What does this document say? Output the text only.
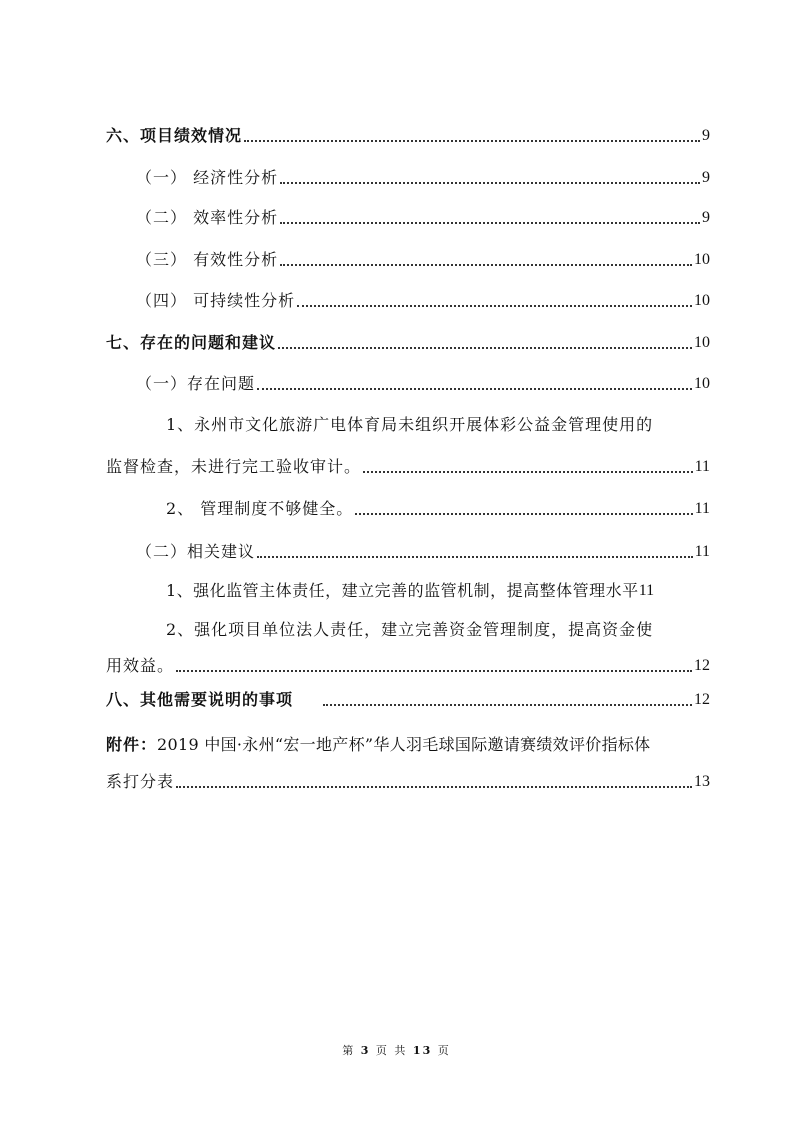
六、项目绩效情况	9
（一） 经济性分析	9
（二） 效率性分析	9
（三） 有效性分析	10
（四） 可持续性分析	10
七、存在的问题和建议	10
（一）存在问题	10
1、永州市文化旅游广电体育局未组织开展体彩公益金管理使用的
监督检查，未进行完工验收审计。	11
2、 管理制度不够健全。	11
（二）相关建议	11
1、强化监管主体责任，建立完善的监管机制，提高整体管理水平 11
2、强化项目单位法人责任，建立完善资金管理制度，提高资金使
用效益。	12
八、其他需要说明的事项	12
附件：2019 中国·永州“宏一地产杯”华人羽毛球国际邀请赛绩效评价指标体
系打分表	13
第 3 页 共 13 页
